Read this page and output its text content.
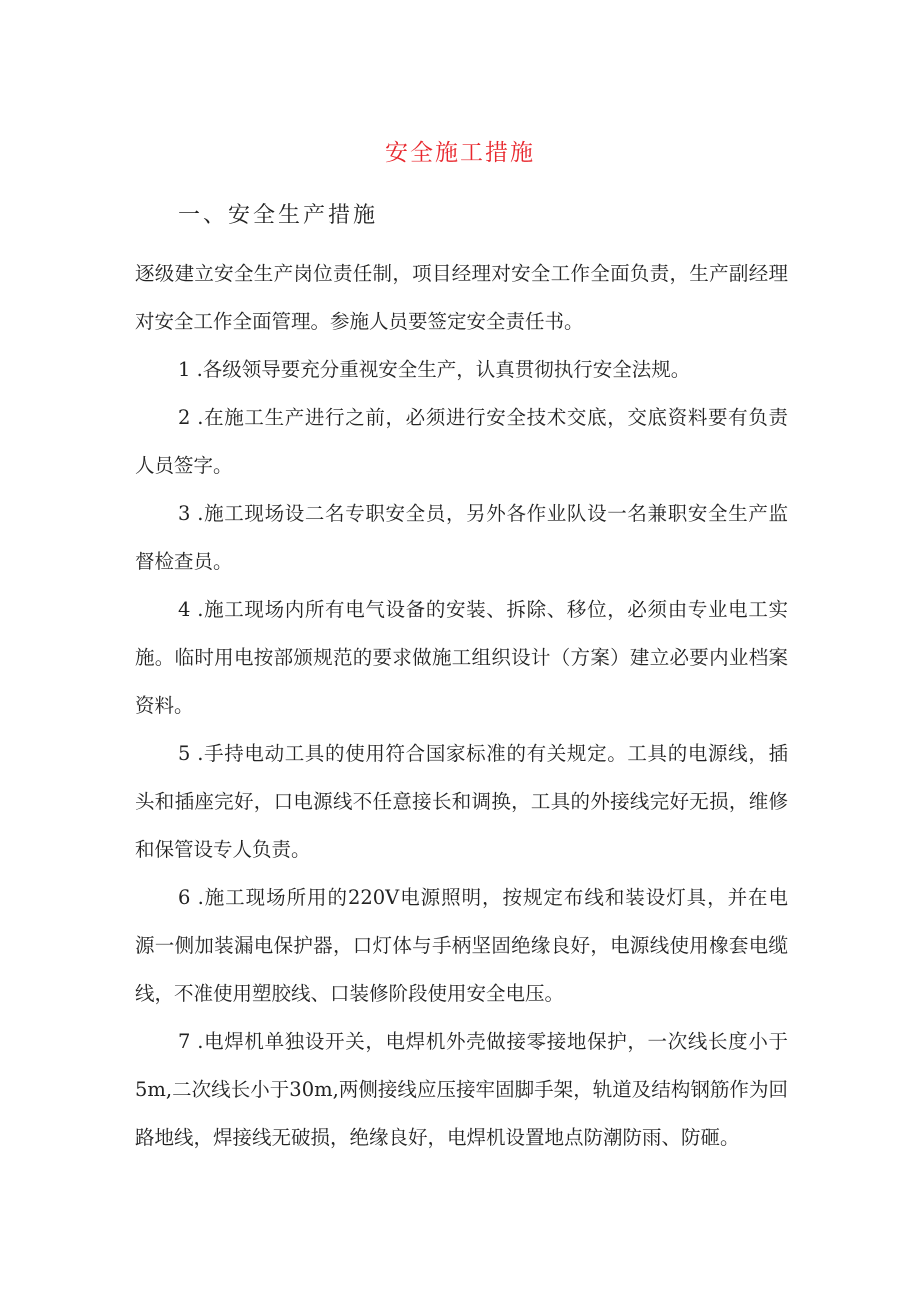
安全施工措施
一、安全生产措施
逐级建立安全生产岗位责任制，项目经理对安全工作全面负责，生产副经理
对安全工作全面管理。参施人员要签定安全责任书。
1 .各级领导要充分重视安全生产，认真贯彻执行安全法规。
2 .在施工生产进行之前，必须进行安全技术交底，交底资料要有负责
人员签字。
3 .施工现场设二名专职安全员，另外各作业队设一名兼职安全生产监
督检查员。
4 .施工现场内所有电气设备的安装、拆除、移位，必须由专业电工实
施。临时用电按部颁规范的要求做施工组织设计（方案）建立必要内业档案
资料。
5 .手持电动工具的使用符合国家标准的有关规定。工具的电源线，插
头和插座完好，口电源线不任意接长和调换，工具的外接线完好无损，维修
和保管设专人负责。
6 .施工现场所用的220V电源照明，按规定布线和装设灯具，并在电
源一侧加装漏电保护器，口灯体与手柄坚固绝缘良好，电源线使用橡套电缆
线，不准使用塑胶线、口装修阶段使用安全电压。
7 .电焊机单独设开关，电焊机外壳做接零接地保护，一次线长度小于
5m,二次线长小于30m,两侧接线应压接牢固脚手架，轨道及结构钢筋作为回
路地线，焊接线无破损，绝缘良好，电焊机设置地点防潮防雨、防砸。
